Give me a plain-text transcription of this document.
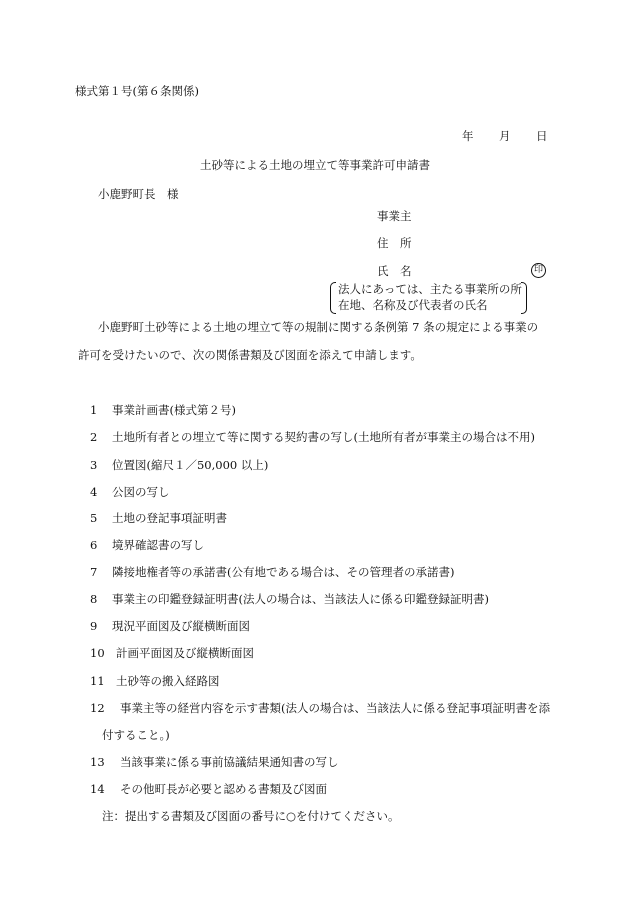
様式第１号(第６条関係)
年 月 日
土砂等による土地の埋立て等事業許可申請書
小鹿野町長　様
事業主
住　所
氏　名	印
法人にあっては、主たる事業所の所
在地、名称及び代表者の氏名
小鹿野町土砂等による土地の埋立て等の規制に関する条例第 7 条の規定による事業の
許可を受けたいので、次の関係書類及び図面を添えて申請します。
1 事業計画書(様式第２号)
2 土地所有者との埋立て等に関する契約書の写し(土地所有者が事業主の場合は不用)
3 位置図(縮尺１／50,000 以上)
4 公図の写し
5 土地の登記事項証明書
6 境界確認書の写し
7 隣接地権者等の承諾書(公有地である場合は、その管理者の承諾書)
8 事業主の印鑑登録証明書(法人の場合は、当該法人に係る印鑑登録証明書)
9 現況平面図及び縦横断面図
10 計画平面図及び縦横断面図
11 土砂等の搬入経路図
12 事業主等の経営内容を示す書類(法人の場合は、当該法人に係る登記事項証明書を添
付すること。)
13 当該事業に係る事前協議結果通知書の写し
14 その他町長が必要と認める書類及び図面
注：提出する書類及び図面の番号に○を付けてください。
